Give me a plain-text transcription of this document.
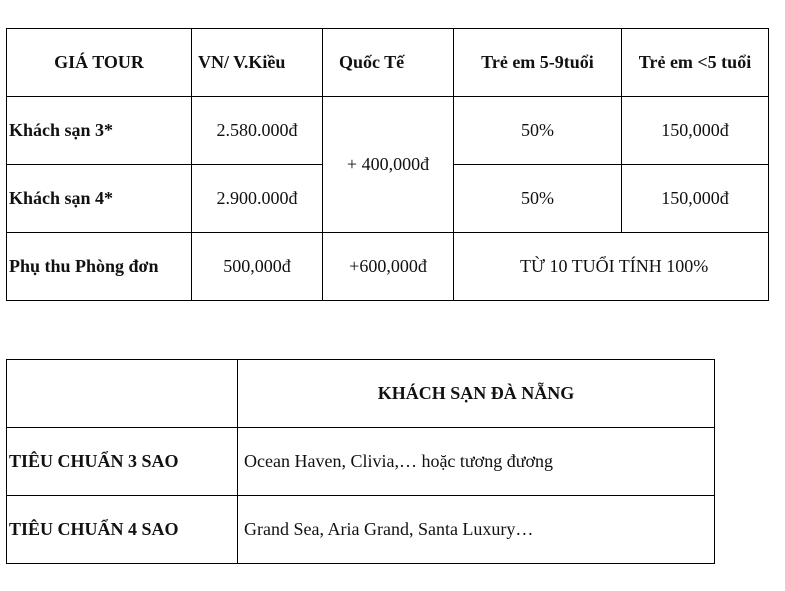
GIÁ TOUR	VN/ V.Kiều	Quốc Tế	Trẻ em 5-9tuổi	Trẻ em <5 tuổi
Khách sạn 3*	2.580.000đ	+ 400,000đ	50%	150,000đ
Khách sạn 4*	2.900.000đ		50%	150,000đ
Phụ thu Phòng đơn	500,000đ	+600,000đ	TỪ 10 TUỔI TÍNH 100%	
	KHÁCH SẠN ĐÀ NẴNG
TIÊU CHUẨN 3 SAO	Ocean Haven, Clivia,… hoặc tương đương
TIÊU CHUẨN 4 SAO	Grand Sea, Aria Grand, Santa Luxury…
